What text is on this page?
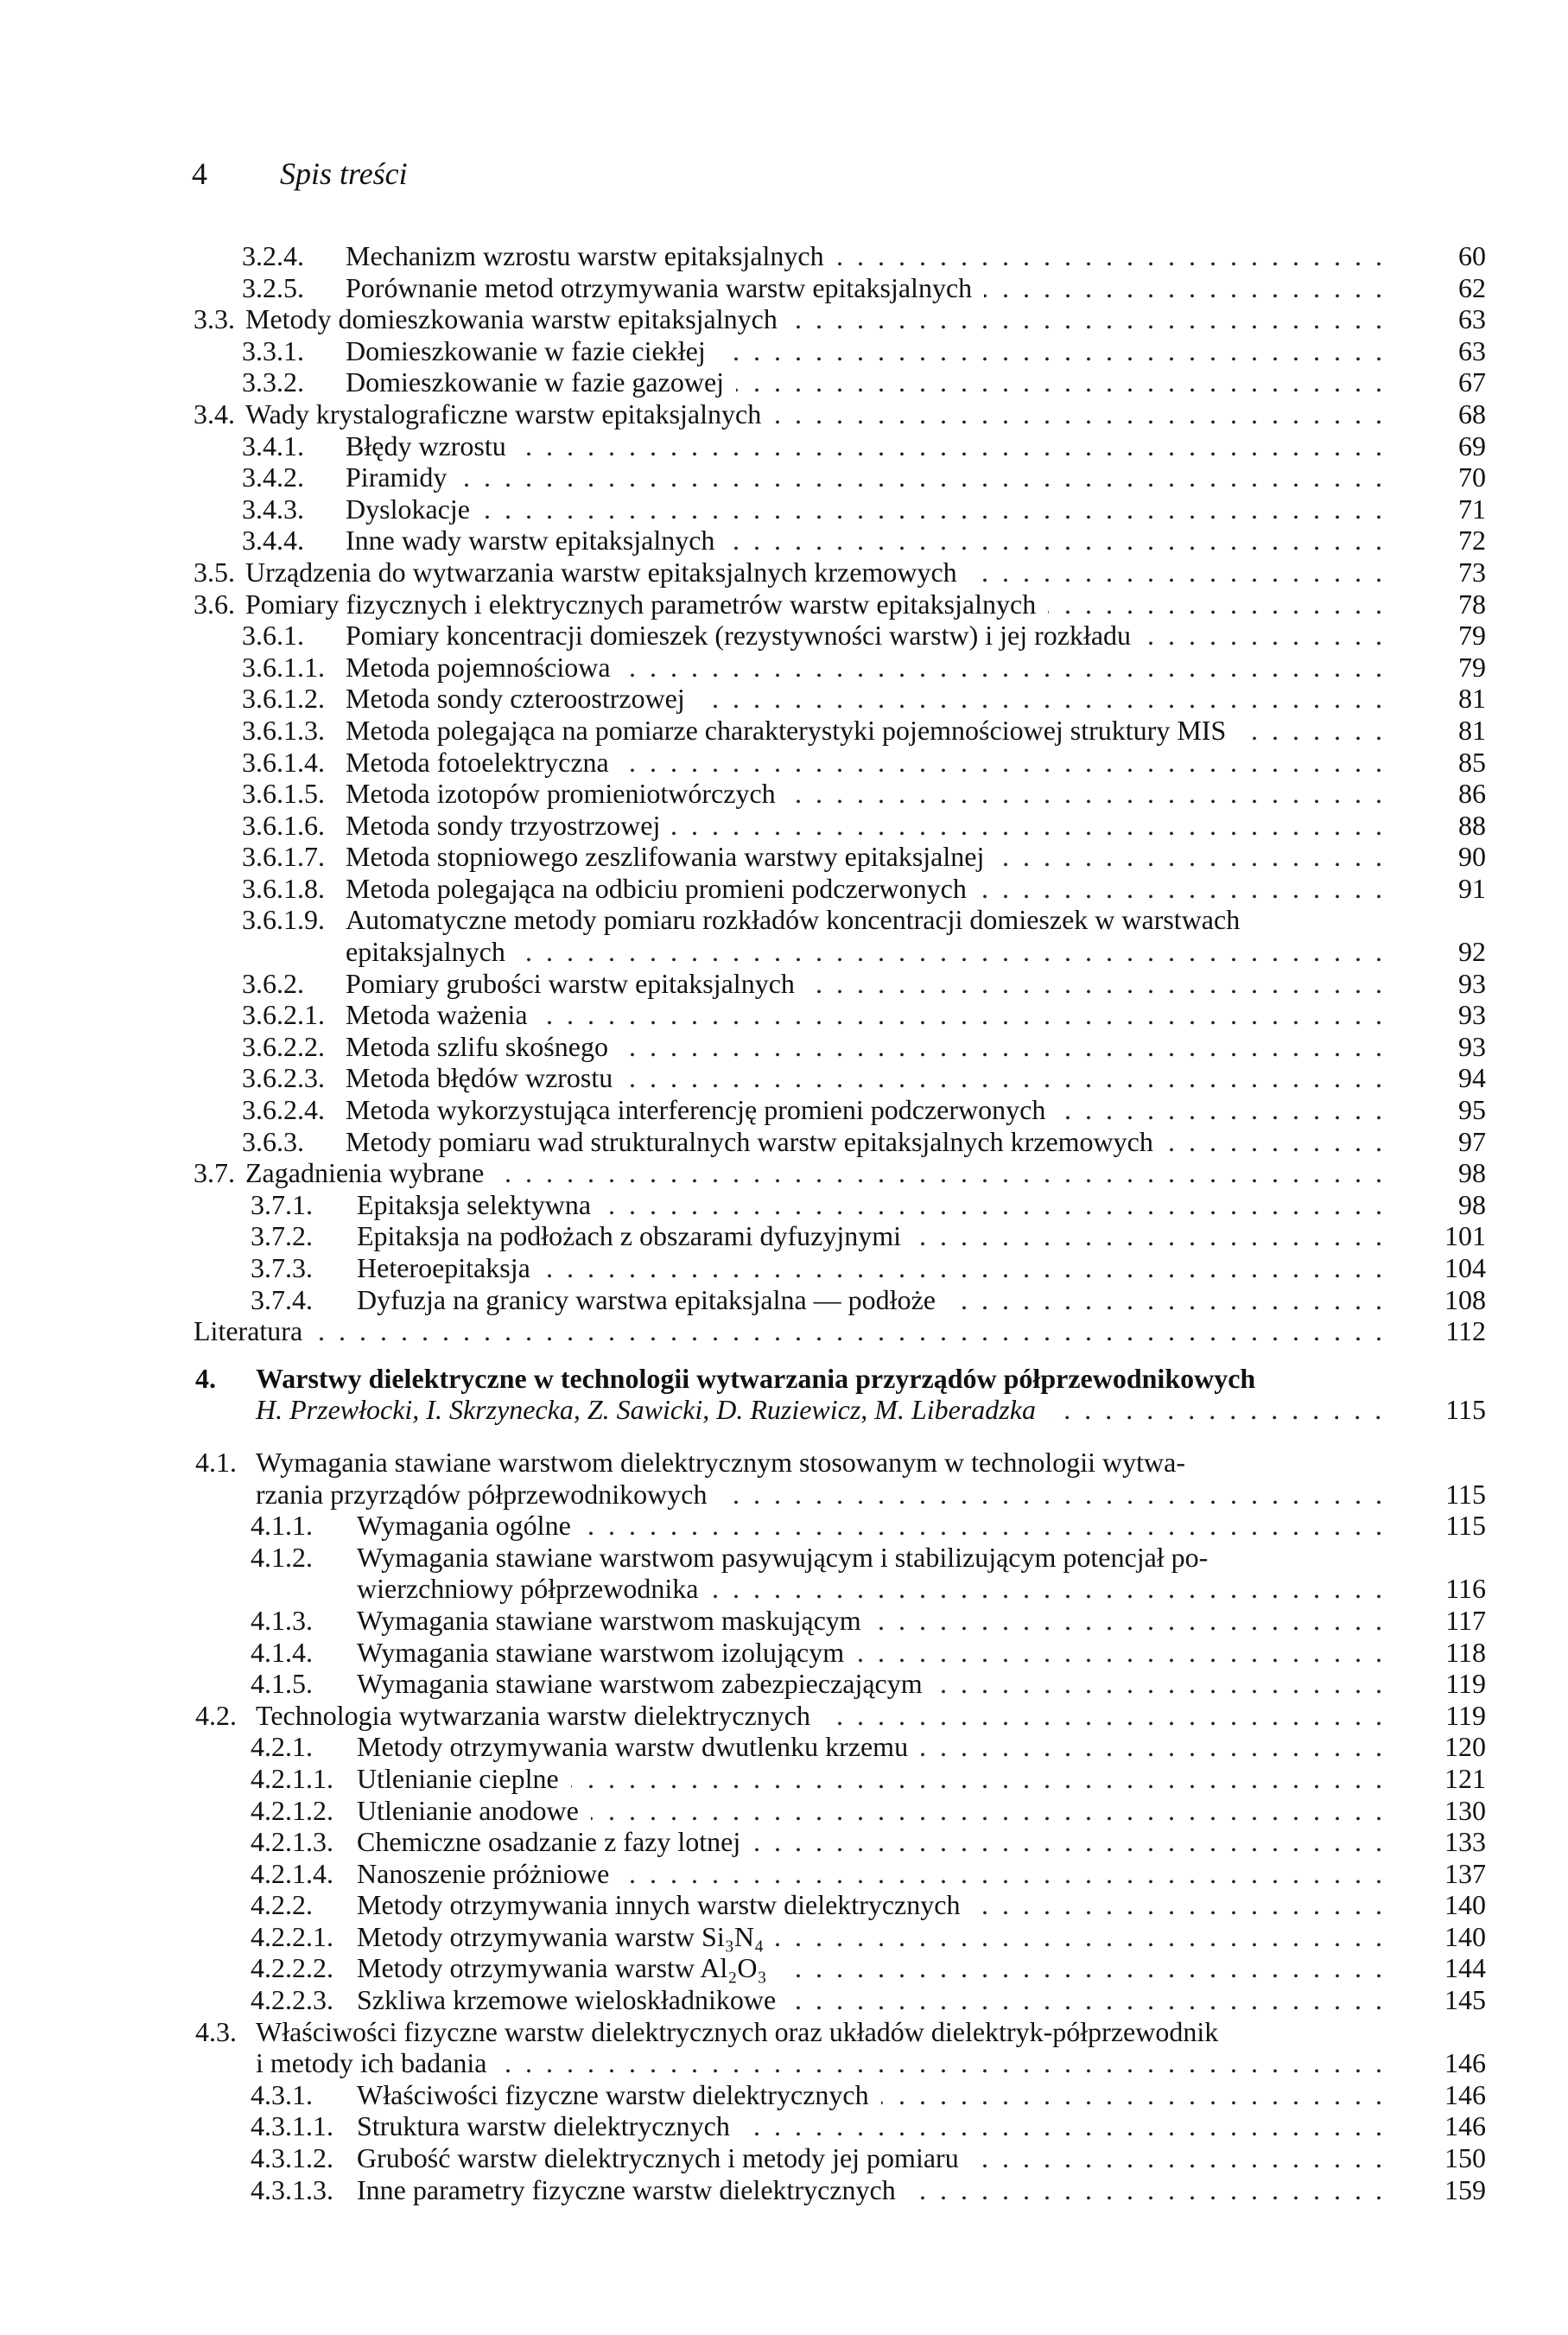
4 Spis treści
3.2.4. Mechanizm wzrostu warstw epitaksjalnych . . .	60
3.2.5. Porównanie metod otrzymywania warstw epitaksjalnych . . .	62
3.3. Metody domieszkowania warstw epitaksjalnych . . .	63
3.3.1. Domieszkowanie w fazie ciekłej . . .	63
3.3.2. Domieszkowanie w fazie gazowej . . .	67
3.4. Wady krystalograficzne warstw epitaksjalnych . . .	68
3.4.1. Błędy wzrostu . . .	69
3.4.2. Piramidy . . .	70
3.4.3. Dyslokacje . . .	71
3.4.4. Inne wady warstw epitaksjalnych . . .	72
3.5. Urządzenia do wytwarzania warstw epitaksjalnych krzemowych . . .	73
3.6. Pomiary fizycznych i elektrycznych parametrów warstw epitaksjalnych . . .	78
3.6.1. Pomiary koncentracji domieszek (rezystywności warstw) i jej rozkładu . . .	79
3.6.1.1. Metoda pojemnościowa . . .	79
3.6.1.2. Metoda sondy czteroostrzowej . . .	81
3.6.1.3. Metoda polegająca na pomiarze charakterystyki pojemnościowej struktury MIS . . .	81
3.6.1.4. Metoda fotoelektryczna . . .	85
3.6.1.5. Metoda izotopów promieniotwórczych . . .	86
3.6.1.6. Metoda sondy trzyostrzowej . . .	88
3.6.1.7. Metoda stopniowego zeszlifowania warstwy epitaksjalnej . . .	90
3.6.1.8. Metoda polegająca na odbiciu promieni podczerwonych . . .	91
3.6.1.9. Automatyczne metody pomiaru rozkładów koncentracji domieszek w warstwach
epitaksjalnych . . .	92
3.6.2. Pomiary grubości warstw epitaksjalnych . . .	93
3.6.2.1. Metoda ważenia . . .	93
3.6.2.2. Metoda szlifu skośnego . . .	93
3.6.2.3. Metoda błędów wzrostu . . .	94
3.6.2.4. Metoda wykorzystująca interferencję promieni podczerwonych . . .	95
3.6.3. Metody pomiaru wad strukturalnych warstw epitaksjalnych krzemowych . . .	97
3.7. Zagadnienia wybrane . . .	98
3.7.1. Epitaksja selektywna . . .	98
3.7.2. Epitaksja na podłożach z obszarami dyfuzyjnymi . . .	101
3.7.3. Heteroepitaksja . . .	104
3.7.4. Dyfuzja na granicy warstwa epitaksjalna — podłoże . . .	108
Literatura . . .	112
4. Warstwy dielektryczne w technologii wytwarzania przyrządów półprzewodnikowych
H. Przewłocki, I. Skrzynecka, Z. Sawicki, D. Ruziewicz, M. Liberadzka . . .	115
4.1. Wymagania stawiane warstwom dielektrycznym stosowanym w technologii wytwa-
rzania przyrządów półprzewodnikowych . . .	115
4.1.1. Wymagania ogólne . . .	115
4.1.2. Wymagania stawiane warstwom pasywującym i stabilizującym potencjał po-
wierzchniowy półprzewodnika . . .	116
4.1.3. Wymagania stawiane warstwom maskującym . . .	117
4.1.4. Wymagania stawiane warstwom izolującym . . .	118
4.1.5. Wymagania stawiane warstwom zabezpieczającym . . .	119
4.2. Technologia wytwarzania warstw dielektrycznych . . .	119
4.2.1. Metody otrzymywania warstw dwutlenku krzemu . . .	120
4.2.1.1. Utlenianie cieplne . . .	121
4.2.1.2. Utlenianie anodowe . . .	130
4.2.1.3. Chemiczne osadzanie z fazy lotnej . . .	133
4.2.1.4. Nanoszenie próżniowe . . .	137
4.2.2. Metody otrzymywania innych warstw dielektrycznych . . .	140
4.2.2.1. Metody otrzymywania warstw Si₃N₄ . . .	140
4.2.2.2. Metody otrzymywania warstw Al₂O₃ . . .	144
4.2.2.3. Szkliwa krzemowe wieloskładnikowe . . .	145
4.3. Właściwości fizyczne warstw dielektrycznych oraz układów dielektryk-półprzewodnik
i metody ich badania . . .	146
4.3.1. Właściwości fizyczne warstw dielektrycznych . . .	146
4.3.1.1. Struktura warstw dielektrycznych . . .	146
4.3.1.2. Grubość warstw dielektrycznych i metody jej pomiaru . . .	150
4.3.1.3. Inne parametry fizyczne warstw dielektrycznych . . .	159
